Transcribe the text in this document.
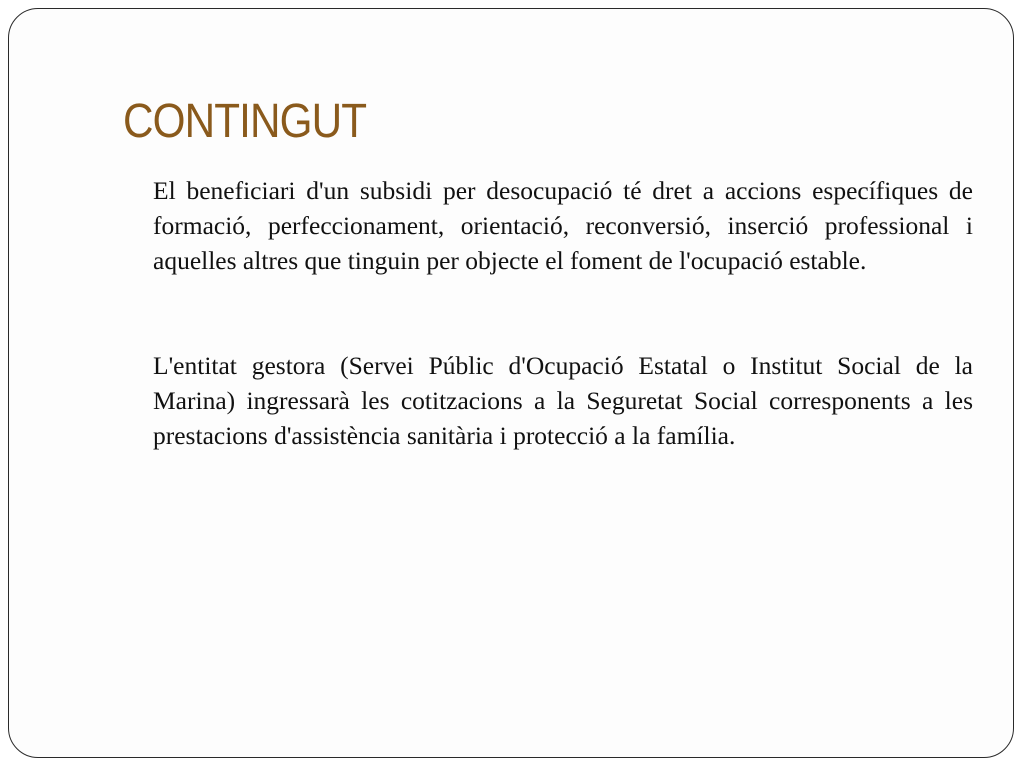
CONTINGUT

El beneficiari d'un subsidi per desocupació té dret a accions específiques de formació, perfeccionament, orientació, reconversió, inserció professional i aquelles altres que tinguin per objecte el foment de l'ocupació estable.

L'entitat gestora (Servei Públic d'Ocupació Estatal o Institut Social de la Marina) ingressarà les cotitzacions a la Seguretat Social corresponents a les prestacions d'assistència sanitària i protecció a la família.
